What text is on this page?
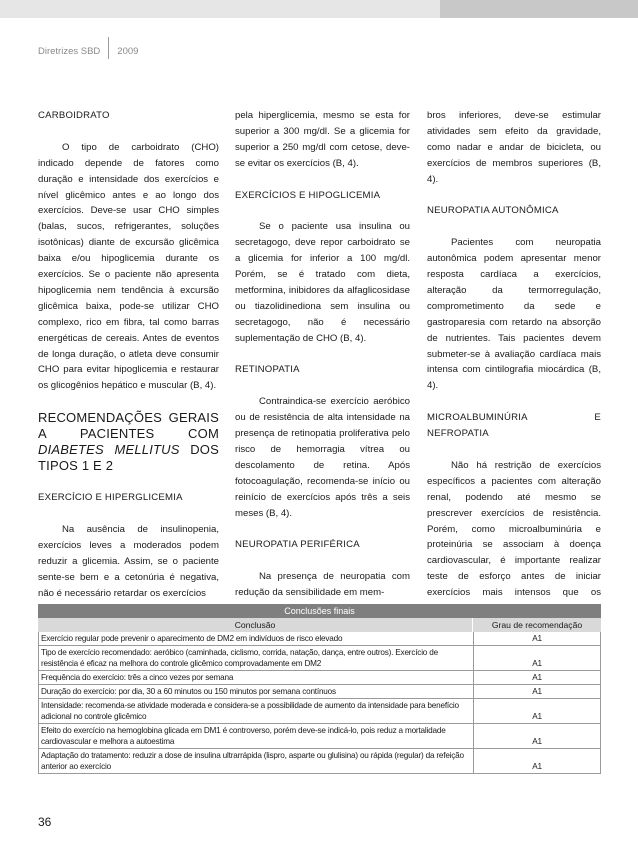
Diretrizes SBD 2009

CARBOIDRATO

O tipo de carboidrato (CHO) indicado depende de fatores como duração e intensidade dos exercícios e nível glicêmico antes e ao longo dos exercícios. Deve-se usar CHO simples (balas, sucos, refrigerantes, soluções isotônicas) diante de excursão glicêmica baixa e/ou hipoglicemia durante os exercícios. Se o paciente não apresenta hipoglicemia nem tendência à excursão glicêmica baixa, pode-se utilizar CHO complexo, rico em fibra, tal como barras energéticas de cereais. Antes de eventos de longa duração, o atleta deve consumir CHO para evitar hipoglicemia e restaurar os glicogênios hepático e muscular (B, 4).

RECOMENDAÇÕES GERAIS A PACIENTES COM DIABETES MELLITUS DOS TIPOS 1 E 2

EXERCÍCIO E HIPERGLICEMIA

Na ausência de insulinopenia, exercícios leves a moderados podem reduzir a glicemia. Assim, se o paciente sente-se bem e a cetonúria é negativa, não é necessário retardar os exercícios

pela hiperglicemia, mesmo se esta for superior a 300 mg/dl. Se a glicemia for superior a 250 mg/dl com cetose, deve-se evitar os exercícios (B, 4).

EXERCÍCIOS E HIPOGLICEMIA

Se o paciente usa insulina ou secretagogo, deve repor carboidrato se a glicemia for inferior a 100 mg/dl. Porém, se é tratado com dieta, metformina, inibidores da alfaglicosidase ou tiazolidinediona sem insulina ou secretagogo, não é necessário suplementação de CHO (B, 4).

RETINOPATIA

Contraindica-se exercício aeróbico ou de resistência de alta intensidade na presença de retinopatia proliferativa pelo risco de hemorragia vítrea ou descolamento de retina. Após fotocoagulação, recomenda-se início ou reinício de exercícios após três a seis meses (B, 4).

NEUROPATIA PERIFÉRICA

Na presença de neuropatia com redução da sensibilidade em mem-

bros inferiores, deve-se estimular atividades sem efeito da gravidade, como nadar e andar de bicicleta, ou exercícios de membros superiores (B, 4).

NEUROPATIA AUTONÔMICA

Pacientes com neuropatia autonômica podem apresentar menor resposta cardíaca a exercícios, alteração da termorregulação, comprometimento da sede e gastroparesia com retardo na absorção de nutrientes. Tais pacientes devem submeter-se à avaliação cardíaca mais intensa com cintilografia miocárdica (B, 4).

MICROALBUMINÚRIA E NEFROPATIA

Não há restrição de exercícios específicos a pacientes com alteração renal, podendo até mesmo se prescrever exercícios de resistência. Porém, como microalbuminúria e proteinúria se associam à doença cardiovascular, é importante realizar teste de esforço antes de iniciar exercícios mais intensos que os

Conclusões finais
Conclusão	Grau de recomendação
Exercício regular pode prevenir o aparecimento de DM2 em indivíduos de risco elevado	A1
Tipo de exercício recomendado: aeróbico (caminhada, ciclismo, corrida, natação, dança, entre outros). Exercício de resistência é eficaz na melhora do controle glicêmico comprovadamente em DM2	A1
Frequência do exercício: três a cinco vezes por semana	A1
Duração do exercício: por dia, 30 a 60 minutos ou 150 minutos por semana contínuos	A1
Intensidade: recomenda-se atividade moderada e considera-se a possibilidade de aumento da intensidade para benefício adicional no controle glicêmico	A1
Efeito do exercício na hemoglobina glicada em DM1 é controverso, porém deve-se indicá-lo, pois reduz a mortalidade cardiovascular e melhora a autoestima	A1
Adaptação do tratamento: reduzir a dose de insulina ultrarrápida (lispro, asparte ou glulisina) ou rápida (regular) da refeição anterior ao exercício	A1
36
